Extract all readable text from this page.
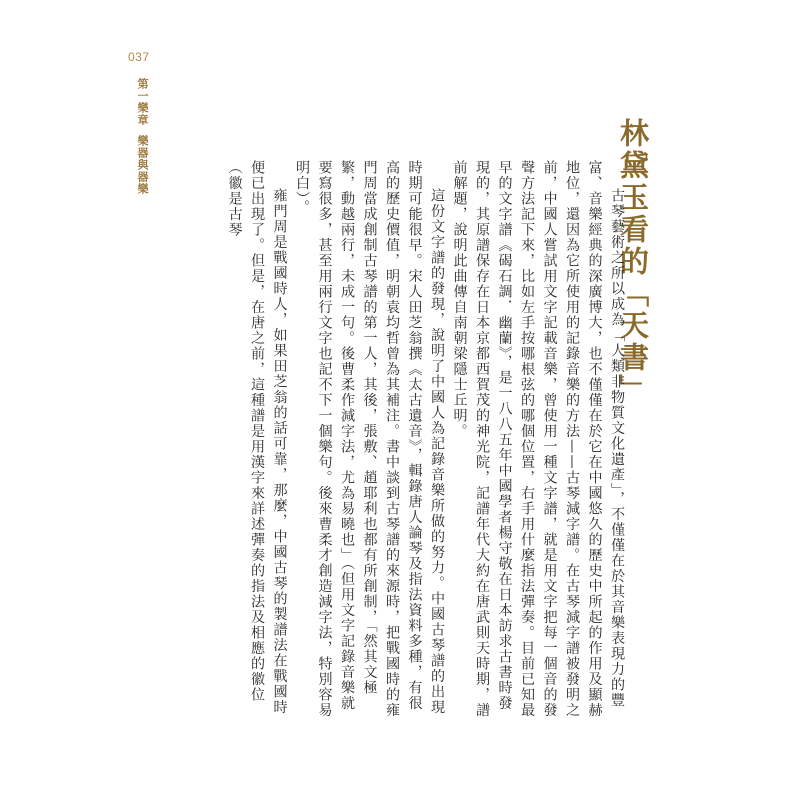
037
第一樂章樂器與器樂	林黛玉看的「天書」

古琴藝術之所以成為「人類非物質文化遺產」，不僅僅在於其音樂表現力的豐富、音樂經典的深廣博大，也不僅僅在於它在中國悠久的歷史中所起的作用及顯赫地位，還因為它所使用的記錄音樂的方法——古琴減字譜。在古琴減字譜被發明之前，中國人嘗試用文字記載音樂，曾使用一種文字譜，就是用文字把每一個音的發聲方法記下來，比如左手按哪根弦的哪個位置，右手用什麼指法彈奏。目前已知最早的文字譜《碣石調．幽蘭》，是一八八五年中國學者楊守敬在日本訪求古書時發現的，其原譜保存在日本京都西賀茂的神光院，記譜年代大約在唐武則天時期，譜前解題，說明此曲傳自南朝梁隱士丘明。

這份文字譜的發現，說明了中國人為記錄音樂所做的努力。中國古琴譜的出現時期可能很早。宋人田芝翁撰《太古遺音》，輯錄唐人論琴及指法資料多種，有很高的歷史價值，明朝袁均哲曾為其補注。書中談到古琴譜的來源時，把戰國時的雍門周當成創制古琴譜的第一人，其後，張敷、趙耶利也都有所創制，「然其文極繁，動越兩行，未成一句。後曹柔作減字法，尤為易曉也」（但用文字記錄音樂就要寫很多，甚至用兩行文字也記不下一個樂句。後來曹柔才創造減字法，特別容易明白）。

雍門周是戰國時人，如果田芝翁的話可靠，那麼，中國古琴的製譜法在戰國時便已出現了。但是，在唐之前，這種譜是用漢字來詳述彈奏的指法及相應的徽位（徽是古琴
